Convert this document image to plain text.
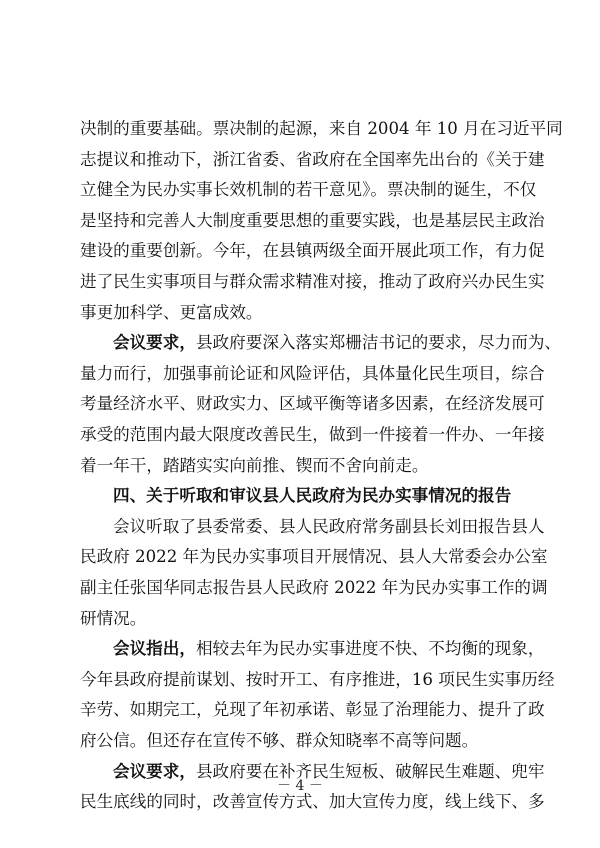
－ 4 －
决制的重要基础。票决制的起源，来自 2004 年 10 月在习近平同
志提议和推动下，浙江省委、省政府在全国率先出台的《关于建
立健全为民办实事长效机制的若干意见》。票决制的诞生，不仅
是坚持和完善人大制度重要思想的重要实践，也是基层民主政治
建设的重要创新。今年，在县镇两级全面开展此项工作，有力促
进了民生实事项目与群众需求精准对接，推动了政府兴办民生实
事更加科学、更富成效。
会议要求，县政府要深入落实郑栅洁书记的要求，尽力而为、
量力而行，加强事前论证和风险评估，具体量化民生项目，综合
考量经济水平、财政实力、区域平衡等诸多因素，在经济发展可
承受的范围内最大限度改善民生，做到一件接着一件办、一年接
着一年干，踏踏实实向前推、锲而不舍向前走。
四、关于听取和审议县人民政府为民办实事情况的报告
会议听取了县委常委、县人民政府常务副县长刘田报告县人
民政府 2022 年为民办实事项目开展情况、县人大常委会办公室
副主任张国华同志报告县人民政府 2022 年为民办实事工作的调
研情况。
会议指出，相较去年为民办实事进度不快、不均衡的现象，
今年县政府提前谋划、按时开工、有序推进，16 项民生实事历经
辛劳、如期完工，兑现了年初承诺、彰显了治理能力、提升了政
府公信。但还存在宣传不够、群众知晓率不高等问题。
会议要求，县政府要在补齐民生短板、破解民生难题、兜牢
民生底线的同时，改善宣传方式、加大宣传力度，线上线下、多
